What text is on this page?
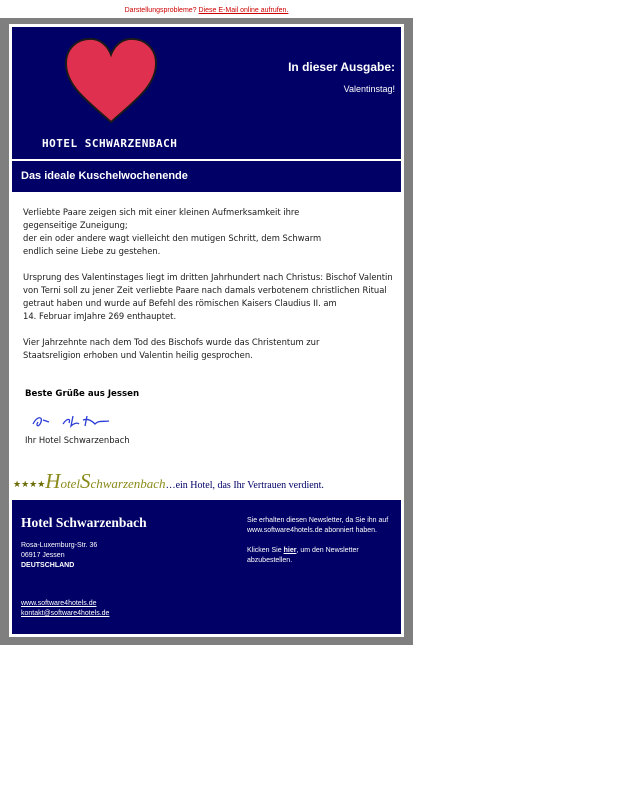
Darstellungsprobleme? Diese E-Mail online aufrufen.
HOTEL SCHWARZENBACH
In dieser Ausgabe:
Valentinstag!
Das ideale Kuschelwochenende

Verliebte Paare zeigen sich mit einer kleinen Aufmerksamkeit ihre
gegenseitige Zuneigung;
der ein oder andere wagt vielleicht den mutigen Schritt, dem Schwarm
endlich seine Liebe zu gestehen.

Ursprung des Valentinstages liegt im dritten Jahrhundert nach Christus: Bischof Valentin
von Terni soll zu jener Zeit verliebte Paare nach damals verbotenem christlichen Ritual
getraut haben und wurde auf Befehl des römischen Kaisers Claudius II. am
14. Februar imJahre 269 enthauptet.

Vier Jahrzehnte nach dem Tod des Bischofs wurde das Christentum zur
Staatsreligion erhoben und Valentin heilig gesprochen.

Beste Grüße aus Jessen
Ihr Hotel Schwarzenbach
★★★★HotelSchwarzenbach…ein Hotel, das Ihr Vertrauen verdient.
Hotel Schwarzenbach
Rosa-Luxemburg-Str. 36
06917 Jessen
DEUTSCHLAND
www.software4hotels.de
kontakt@software4hotels.de

Sie erhalten diesen Newsletter, da Sie ihn auf www.software4hotels.de abonniert haben.

Klicken Sie hier, um den Newsletter abzubestellen.
